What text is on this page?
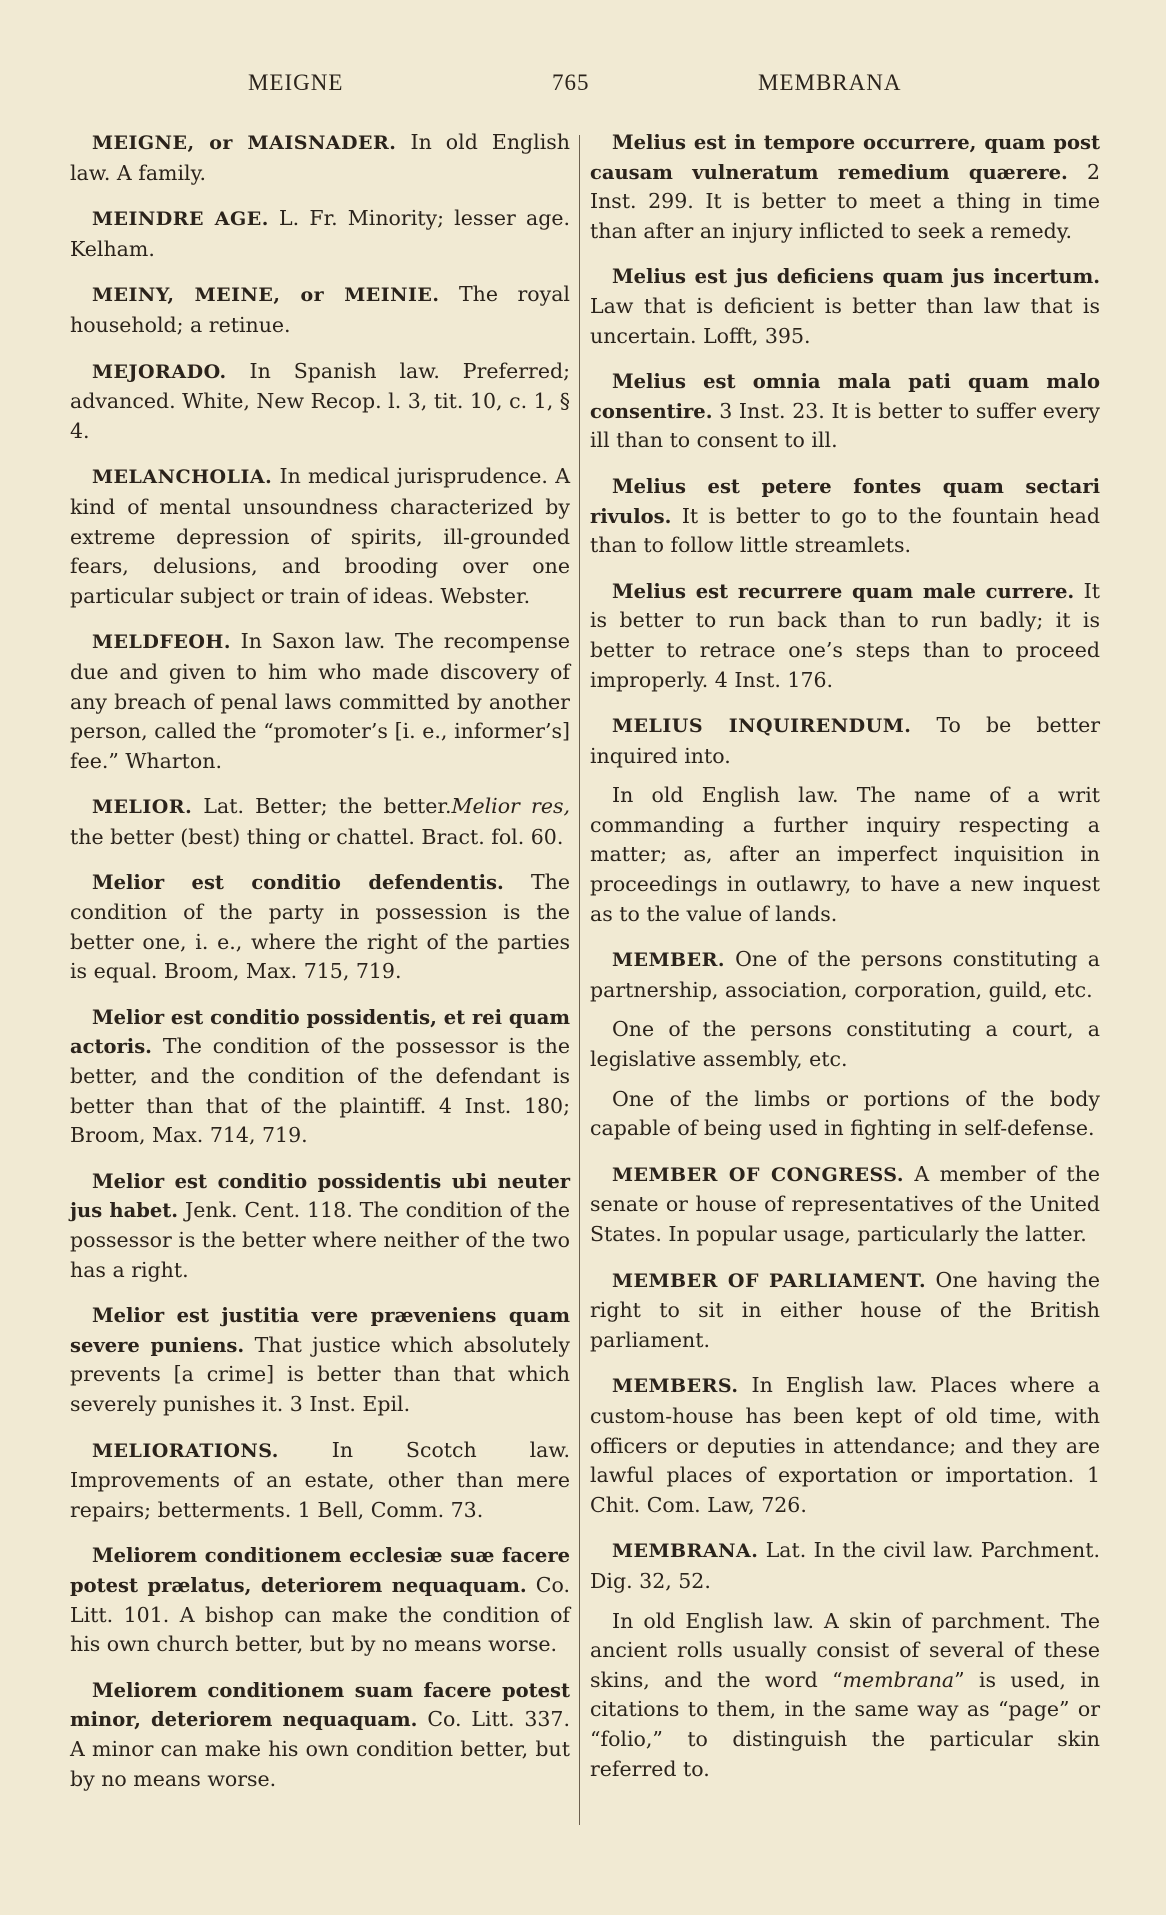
MEIGNE	765	MEMBRANA

MEIGNE, or MAISNADER. In old English law. A family.

MEINDRE AGE. L. Fr. Minority; lesser age. Kelham.

MEINY, MEINE, or MEINIE. The royal household; a retinue.

MEJORADO. In Spanish law. Preferred; advanced. White, New Recop. l. 3, tit. 10, c. 1, § 4.

MELANCHOLIA. In medical jurisprudence. A kind of mental unsoundness characterized by extreme depression of spirits, ill-grounded fears, delusions, and brooding over one particular subject or train of ideas. Webster.

MELDFEOH. In Saxon law. The recompense due and given to him who made discovery of any breach of penal laws committed by another person, called the “promoter’s [i. e., informer’s] fee.” Wharton.

MELIOR. Lat. Better; the better.Melior res, the better (best) thing or chattel. Bract. fol. 60.

Melior est conditio defendentis. The condition of the party in possession is the better one, i. e., where the right of the parties is equal. Broom, Max. 715, 719.

Melior est conditio possidentis, et rei quam actoris. The condition of the possessor is the better, and the condition of the defendant is better than that of the plaintiff. 4 Inst. 180; Broom, Max. 714, 719.

Melior est conditio possidentis ubi neuter jus habet. Jenk. Cent. 118. The condition of the possessor is the better where neither of the two has a right.

Melior est justitia vere præveniens quam severe puniens. That justice which absolutely prevents [a crime] is better than that which severely punishes it. 3 Inst. Epil.

MELIORATIONS. In Scotch law. Improvements of an estate, other than mere repairs; betterments. 1 Bell, Comm. 73.

Meliorem conditionem ecclesiæ suæ facere potest prælatus, deteriorem nequaquam. Co. Litt. 101. A bishop can make the condition of his own church better, but by no means worse.

Meliorem conditionem suam facere potest minor, deteriorem nequaquam. Co. Litt. 337. A minor can make his own condition better, but by no means worse.

Melius est in tempore occurrere, quam post causam vulneratum remedium quærere. 2 Inst. 299. It is better to meet a thing in time than after an injury inflicted to seek a remedy.

Melius est jus deficiens quam jus incertum. Law that is deficient is better than law that is uncertain. Lofft, 395.

Melius est omnia mala pati quam malo consentire. 3 Inst. 23. It is better to suffer every ill than to consent to ill.

Melius est petere fontes quam sectari rivulos. It is better to go to the fountain head than to follow little streamlets.

Melius est recurrere quam male currere. It is better to run back than to run badly; it is better to retrace one’s steps than to proceed improperly. 4 Inst. 176.

MELIUS INQUIRENDUM. To be better inquired into.

In old English law. The name of a writ commanding a further inquiry respecting a matter; as, after an imperfect inquisition in proceedings in outlawry, to have a new inquest as to the value of lands.

MEMBER. One of the persons constituting a partnership, association, corporation, guild, etc.

One of the persons constituting a court, a legislative assembly, etc.

One of the limbs or portions of the body capable of being used in fighting in self-defense.

MEMBER OF CONGRESS. A member of the senate or house of representatives of the United States. In popular usage, particularly the latter.

MEMBER OF PARLIAMENT. One having the right to sit in either house of the British parliament.

MEMBERS. In English law. Places where a custom-house has been kept of old time, with officers or deputies in attendance; and they are lawful places of exportation or importation. 1 Chit. Com. Law, 726.

MEMBRANA. Lat. In the civil law. Parchment. Dig. 32, 52.

In old English law. A skin of parchment. The ancient rolls usually consist of several of these skins, and the word “membrana” is used, in citations to them, in the same way as “page” or “folio,” to distinguish the particular skin referred to.
